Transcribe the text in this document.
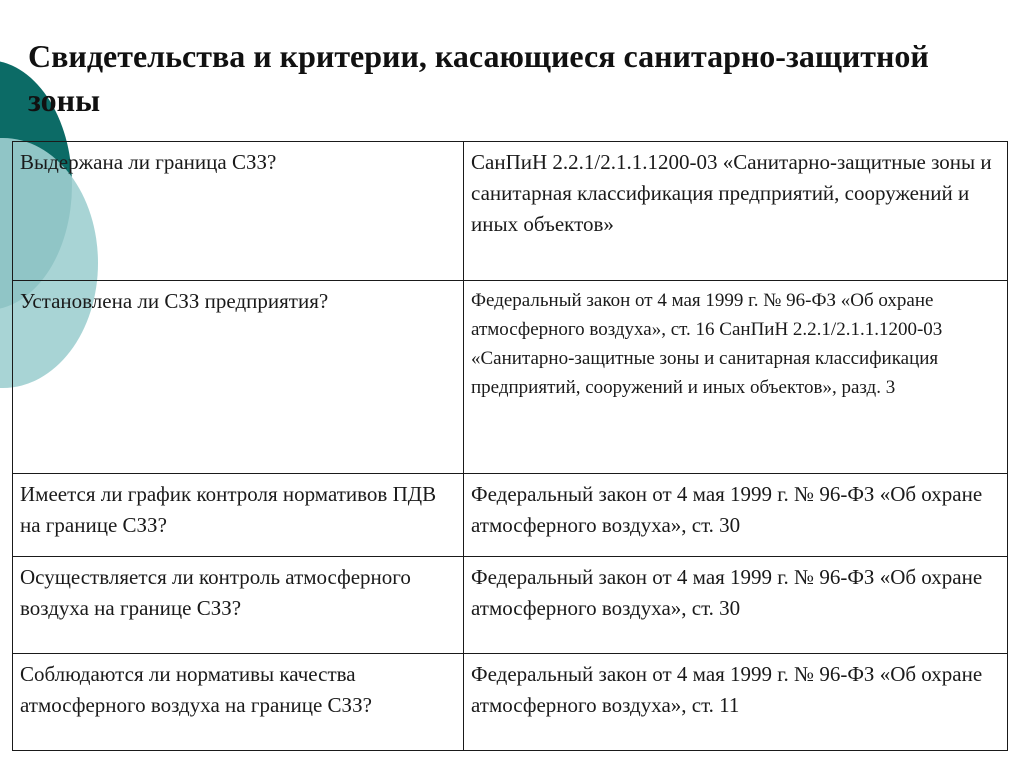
Свидетельства и критерии, касающиеся санитарно-защитной зоны
Выдержана ли граница СЗЗ?	СанПиН 2.2.1/2.1.1.1200-03 «Санитарно-защитные зоны и санитарная классификация предприятий, сооружений и иных объектов»
Установлена ли СЗЗ предприятия?	Федеральный закон от 4 мая 1999 г. № 96-ФЗ «Об охране атмосферного воздуха», ст. 16 СанПиН 2.2.1/2.1.1.1200-03 «Санитарно-защитные зоны и санитарная классификация предприятий, сооружений и иных объектов», разд. 3
Имеется ли график контроля нормативов ПДВ на границе СЗЗ?	Федеральный закон от 4 мая 1999 г. № 96-ФЗ «Об охране атмосферного воздуха», ст. 30
Осуществляется ли контроль атмосферного воздуха на границе СЗЗ?	Федеральный закон от 4 мая 1999 г. № 96-ФЗ «Об охране атмосферного воздуха», ст. 30
Соблюдаются ли нормативы качества атмосферного воздуха на границе СЗЗ?	Федеральный закон от 4 мая 1999 г. № 96-ФЗ «Об охране атмосферного воздуха», ст. 11
